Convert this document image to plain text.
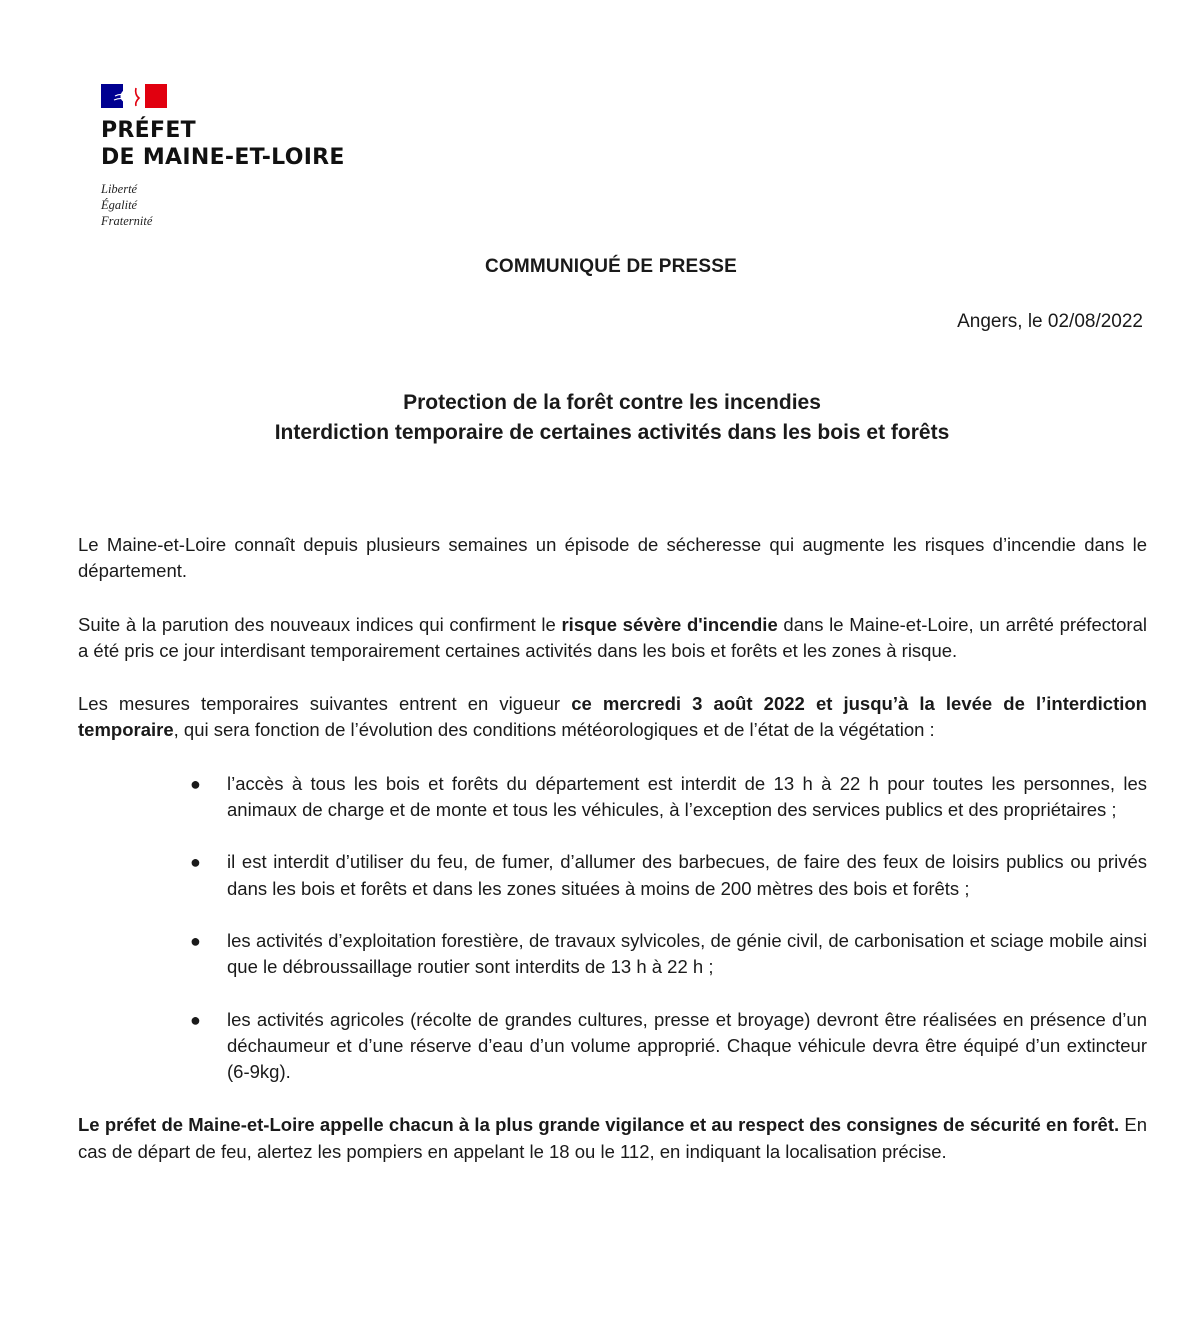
PRÉFET
DE MAINE-ET-LOIRE
Liberté
Égalité
Fraternité
COMMUNIQUÉ DE PRESSE
Angers, le 02/08/2022
Protection de la forêt contre les incendies
Interdiction temporaire de certaines activités dans les bois et forêts

Le Maine-et-Loire connaît depuis plusieurs semaines un épisode de sécheresse qui augmente les risques d’incendie dans le département.

Suite à la parution des nouveaux indices qui confirment le risque sévère d'incendie dans le Maine-et-Loire, un arrêté préfectoral a été pris ce jour interdisant temporairement certaines activités dans les bois et forêts et les zones à risque.

Les mesures temporaires suivantes entrent en vigueur ce mercredi 3 août 2022 et jusqu’à la levée de l’interdiction temporaire, qui sera fonction de l’évolution des conditions météorologiques et de l’état de la végétation :

● l’accès à tous les bois et forêts du département est interdit de 13 h à 22 h pour toutes les personnes, les animaux de charge et de monte et tous les véhicules, à l’exception des services publics et des propriétaires ;
● il est interdit d’utiliser du feu, de fumer, d’allumer des barbecues, de faire des feux de loisirs publics ou privés dans les bois et forêts et dans les zones situées à moins de 200 mètres des bois et forêts ;
● les activités d’exploitation forestière, de travaux sylvicoles, de génie civil, de carbonisation et sciage mobile ainsi que le débroussaillage routier sont interdits de 13 h à 22 h ;
● les activités agricoles (récolte de grandes cultures, presse et broyage) devront être réalisées en présence d’un déchaumeur et d’une réserve d’eau d’un volume approprié. Chaque véhicule devra être équipé d’un extincteur (6-9kg).

Le préfet de Maine-et-Loire appelle chacun à la plus grande vigilance et au respect des consignes de sécurité en forêt. En cas de départ de feu, alertez les pompiers en appelant le 18 ou le 112, en indiquant la localisation précise.
